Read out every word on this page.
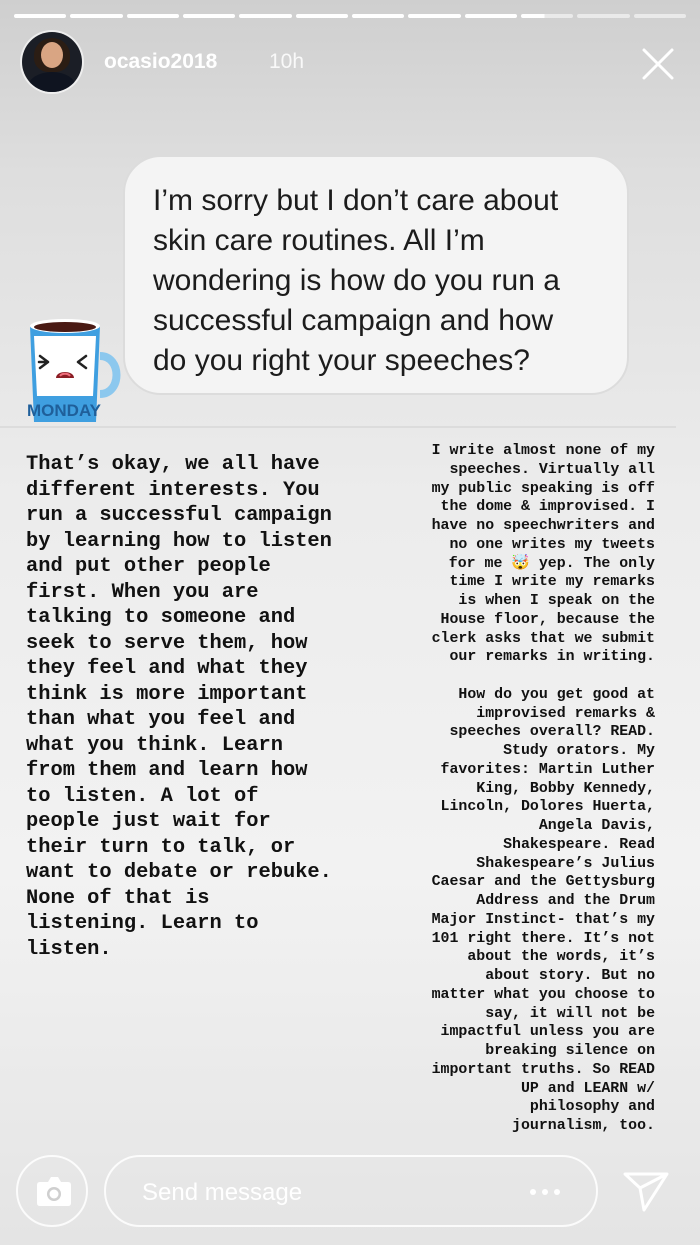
ocasio2018 10h
I’m sorry but I don’t care about
skin care routines. All I’m
wondering is how do you run a
successful campaign and how
do you right your speeches?
MONDAY
That’s okay, we all have
different interests. You
run a successful campaign
by learning how to listen
and put other people
first. When you are
talking to someone and
seek to serve them, how
they feel and what they
think is more important
than what you feel and
what you think. Learn
from them and learn how
to listen. A lot of
people just wait for
their turn to talk, or
want to debate or rebuke.
None of that is
listening. Learn to
listen.
I write almost none of my
speeches. Virtually all
my public speaking is off
the dome & improvised. I
have no speechwriters and
no one writes my tweets
for me 🤯 yep. The only
time I write my remarks
is when I speak on the
House floor, because the
clerk asks that we submit
our remarks in writing.

How do you get good at
improvised remarks &
speeches overall? READ.
Study orators. My
favorites: Martin Luther
King, Bobby Kennedy,
Lincoln, Dolores Huerta,
Angela Davis,
Shakespeare. Read
Shakespeare’s Julius
Caesar and the Gettysburg
Address and the Drum
Major Instinct- that’s my
101 right there. It’s not
about the words, it’s
about story. But no
matter what you choose to
say, it will not be
impactful unless you are
breaking silence on
important truths. So READ
UP and LEARN w/
philosophy and
journalism, too.
Send message
